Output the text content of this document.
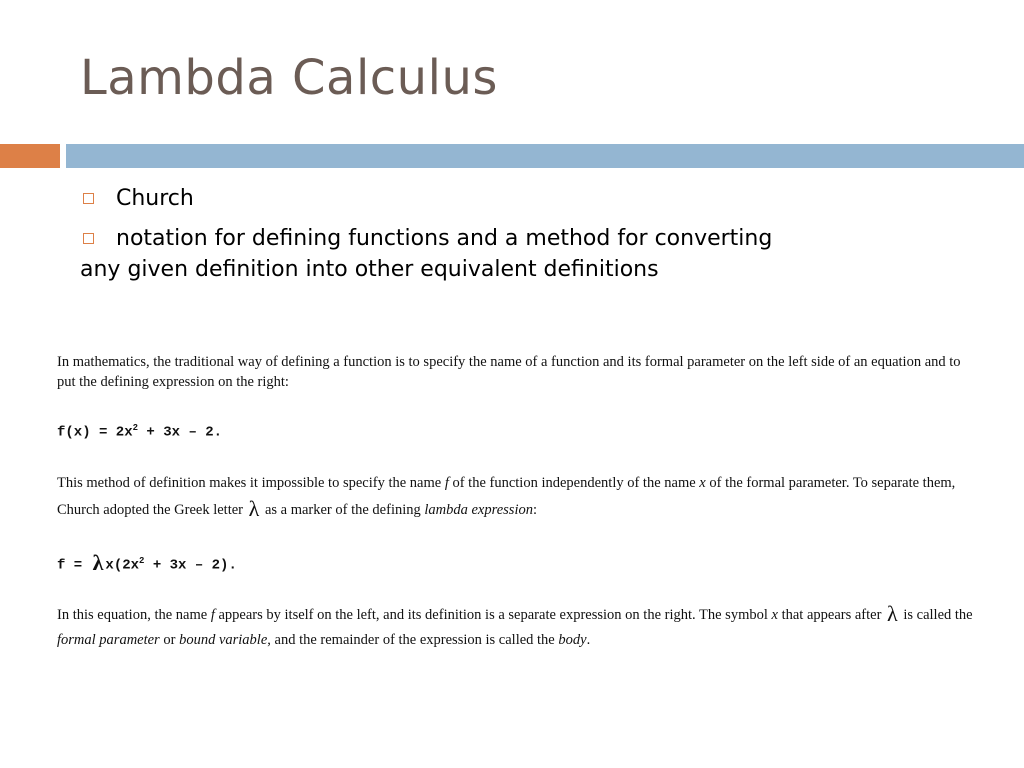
Lambda Calculus
Church
notation for defining functions and a method for converting
any given definition into other equivalent definitions

In mathematics, the traditional way of defining a function is to specify the name of a function and its formal parameter on the left side of an equation and to put the defining expression on the right:

$f(x) = 2x^2 + 3x - 2$.

This method of definition makes it impossible to specify the name f of the function independently of the name x of the formal parameter. To separate them, Church adopted the Greek letter λ as a marker of the defining lambda expression:

f = λ $x(2x^2 + 3x - 2)$.

In this equation, the name f appears by itself on the left, and its definition is a separate expression on the right. The symbol x that appears after λ is called the formal parameter or bound variable, and the remainder of the expression is called the body.
